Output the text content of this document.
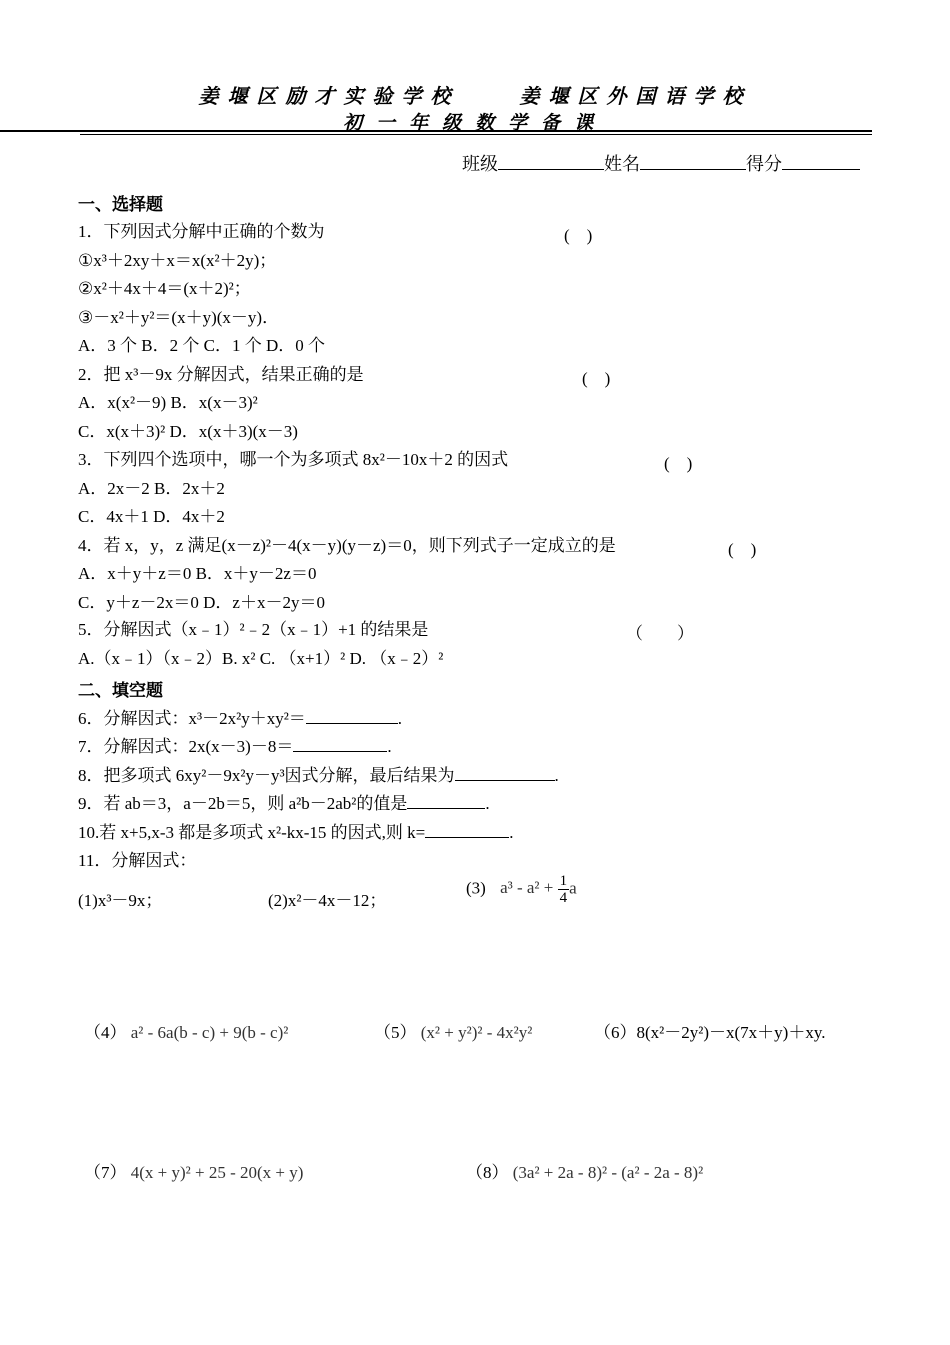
姜堰区励才实验学校	姜堰区外国语学校
初一年级数学备课
班级	姓名	得分
一、选择题
1．下列因式分解中正确的个数为	(　)
①x³＋2xy＋x＝x(x²＋2y)；
②x²＋4x＋4＝(x＋2)²；
③－x²＋y²＝(x＋y)(x－y)．
A．3 个 B．2 个 C．1 个 D．0 个
2．把 x³－9x 分解因式，结果正确的是	(　)
A．x(x²－9) B．x(x－3)²
C．x(x＋3)² D．x(x＋3)(x－3)
3．下列四个选项中，哪一个为多项式 8x²－10x＋2 的因式	(　)
A．2x－2 B．2x＋2
C．4x＋1 D．4x＋2
4．若 x，y，z 满足(x－z)²－4(x－y)(y－z)＝0，则下列式子一定成立的是	(　)
A．x＋y＋z＝0 B．x＋y－2z＝0
C．y＋z－2x＝0 D．z＋x－2y＝0
5．分解因式（x﹣1）²﹣2（x﹣1）+1 的结果是	（　　）
A.（x﹣1）（x﹣2）B. x² C. （x+1）² D. （x﹣2）²
二、填空题
6．分解因式：x³－2x²y＋xy²＝	.
7．分解因式：2x(x－3)－8＝	.
8．把多项式 6xy²－9x²y－y³因式分解，最后结果为	.
9．若 ab＝3，a－2b＝5，则 a²b－2ab²的值是	.
10.若 x+5,x-3 都是多项式 x²-kx-15 的因式,则 k=	.
11．分解因式：
(1)x³－9x；	(2)x²－4x－12；
(3) $a^3 - a^2 + \frac{1}{4}$ a
（4） a² - 6a(b - c) + 9(b - c)²	（5） (x² + y²)² - 4x²y²	（6）8(x²－2y²)－x(7x＋y)＋xy.
（7） 4(x + y)² + 25 - 20(x + y)	（8） (3a² + 2a - 8)² - (a² - 2a - 8)²
